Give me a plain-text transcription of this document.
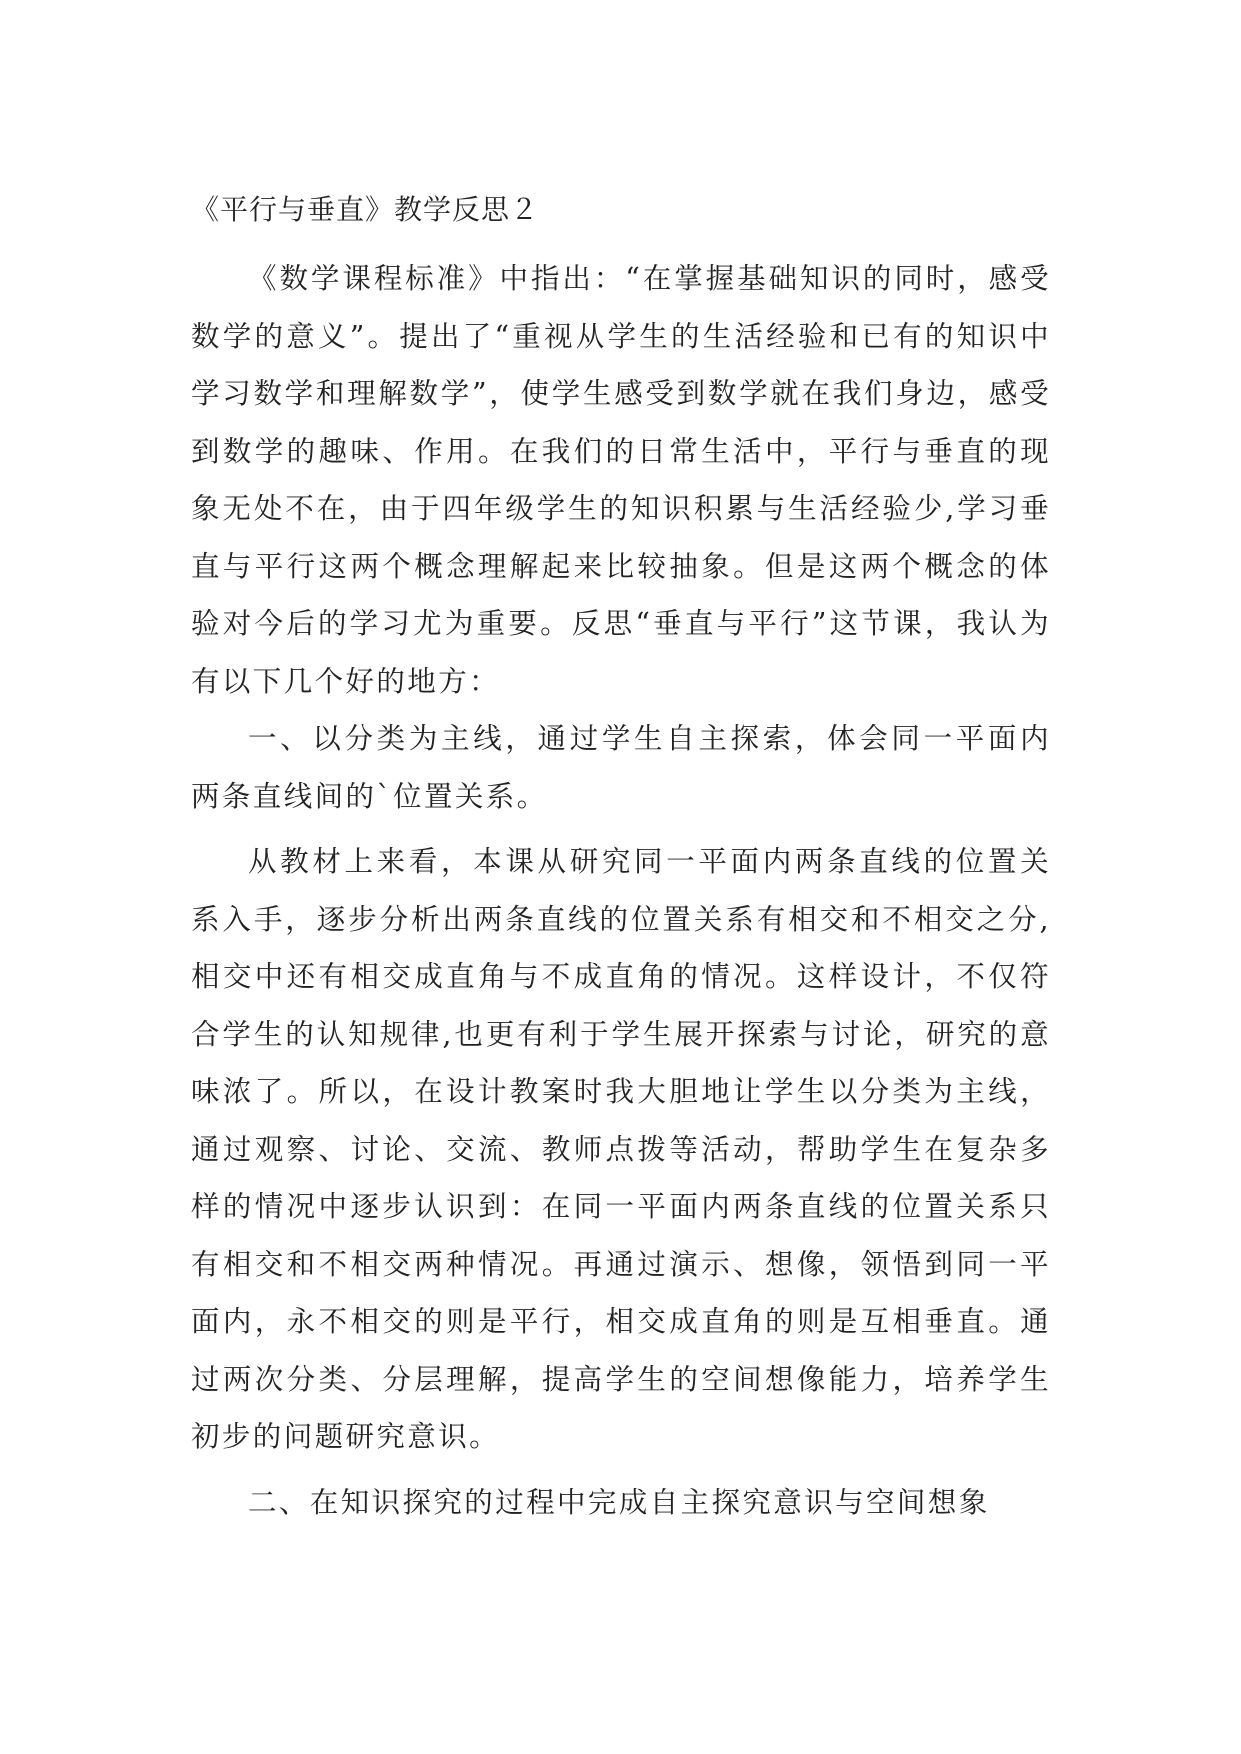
《平行与垂直》教学反思２

《数学课程标准》中指出：“在掌握基础知识的同时，感受数学的意义”。提出了“重视从学生的生活经验和已有的知识中学习数学和理解数学”，使学生感受到数学就在我们身边，感受到数学的趣味、作用。在我们的日常生活中，平行与垂直的现象无处不在，由于四年级学生的知识积累与生活经验少,学习垂直与平行这两个概念理解起来比较抽象。但是这两个概念的体验对今后的学习尤为重要。反思“垂直与平行”这节课，我认为有以下几个好的地方：

一、以分类为主线，通过学生自主探索，体会同一平面内两条直线间的`位置关系。

从教材上来看，本课从研究同一平面内两条直线的位置关系入手，逐步分析出两条直线的位置关系有相交和不相交之分,相交中还有相交成直角与不成直角的情况。这样设计，不仅符合学生的认知规律,也更有利于学生展开探索与讨论，研究的意味浓了。所以，在设计教案时我大胆地让学生以分类为主线，通过观察、讨论、交流、教师点拨等活动，帮助学生在复杂多样的情况中逐步认识到：在同一平面内两条直线的位置关系只有相交和不相交两种情况。再通过演示、想像，领悟到同一平面内，永不相交的则是平行，相交成直角的则是互相垂直。通过两次分类、分层理解，提高学生的空间想像能力，培养学生初步的问题研究意识。

二、在知识探究的过程中完成自主探究意识与空间想象
